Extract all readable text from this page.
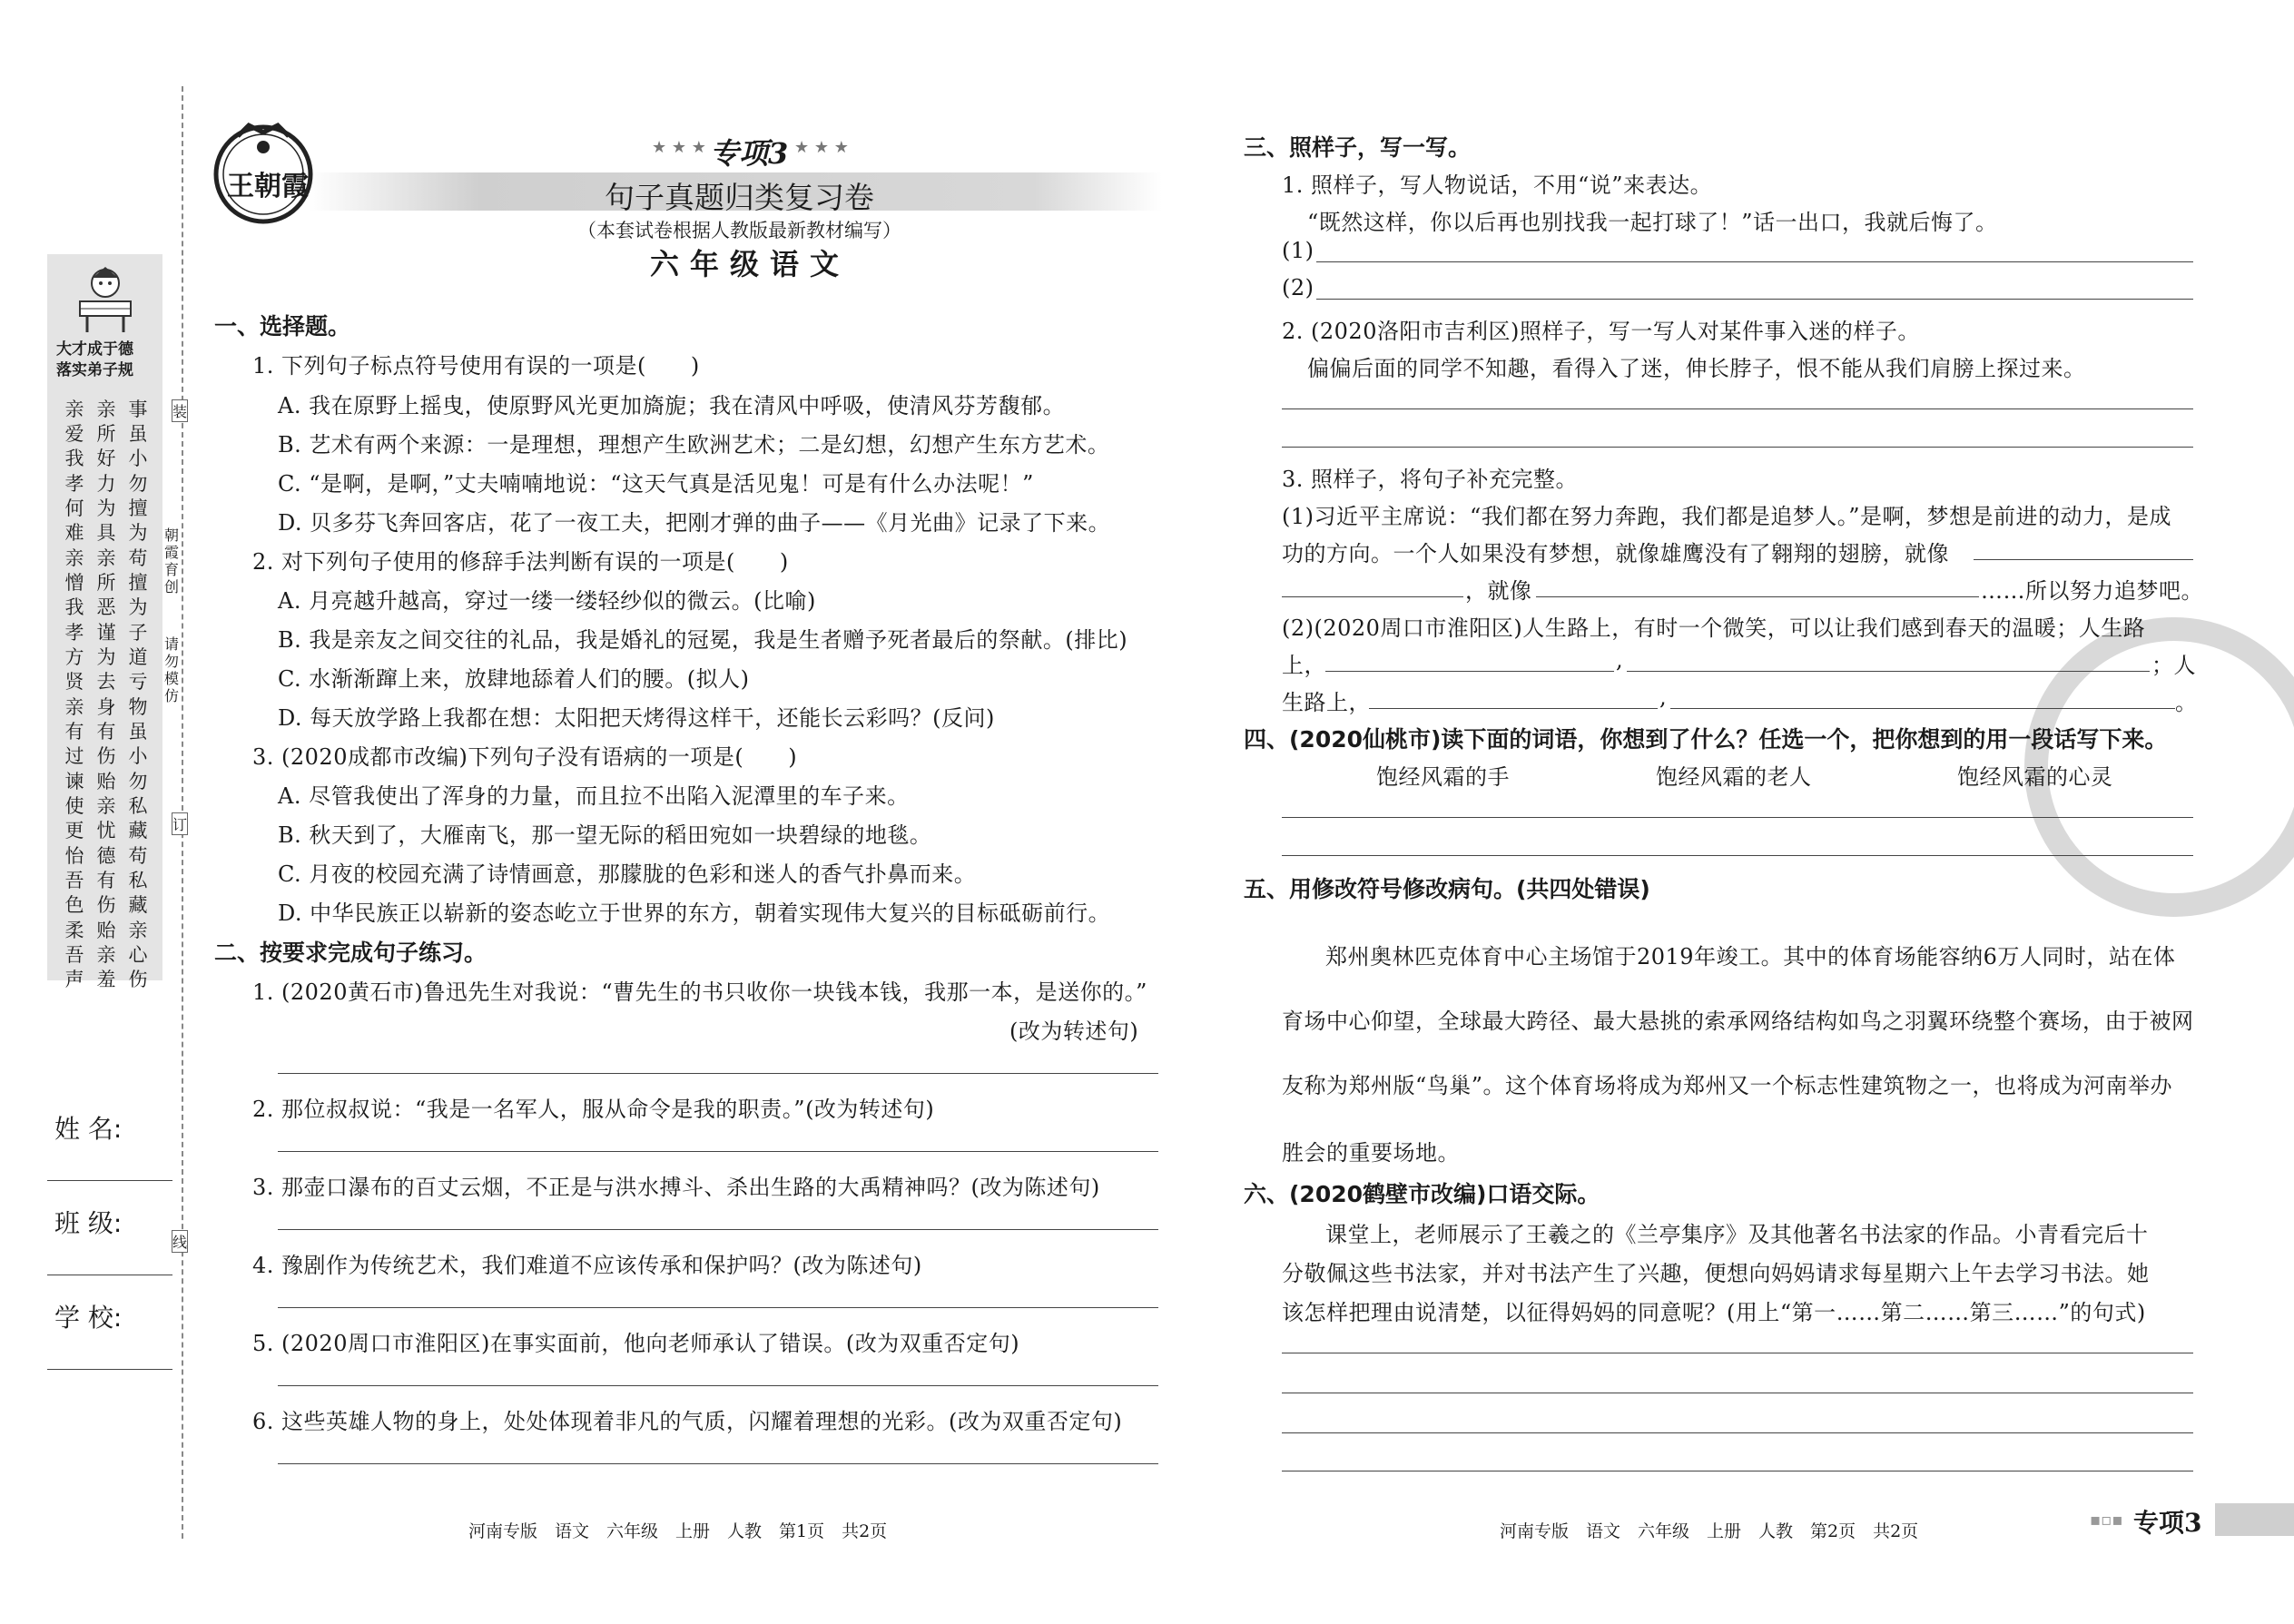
大才成于德
落实弟子规
事虽小
勿擅为
苟擅为
子道亏
物虽小
勿私藏
苟私藏
亲心伤
亲所好
力为具
亲所恶
谨为去
身有伤
贻亲忧
德有伤
贻亲羞
亲爱我
孝何难
亲憎我
孝方贤
亲有过
谏使更
怡吾色
柔吾声
朝霞育创
请勿模仿
装
订
线
姓 名:
班 级:
学 校:
王朝霞
★ ★ ★ 专项3 ★ ★ ★
句子真题归类复习卷
（本套试卷根据人教版最新教材编写）
六年级语文
一、选择题。
1. 下列句子标点符号使用有误的一项是(　　)
A. 我在原野上摇曳，使原野风光更加旖旎；我在清风中呼吸，使清风芬芳馥郁。
B. 艺术有两个来源：一是理想，理想产生欧洲艺术；二是幻想，幻想产生东方艺术。
C. “是啊，是啊，”丈夫喃喃地说：“这天气真是活见鬼！可是有什么办法呢！”
D. 贝多芬飞奔回客店，花了一夜工夫，把刚才弹的曲子——《月光曲》记录了下来。
2. 对下列句子使用的修辞手法判断有误的一项是(　　)
A. 月亮越升越高，穿过一缕一缕轻纱似的微云。(比喻)
B. 我是亲友之间交往的礼品，我是婚礼的冠冕，我是生者赠予死者最后的祭献。(排比)
C. 水渐渐蹿上来，放肆地舔着人们的腰。(拟人)
D. 每天放学路上我都在想：太阳把天烤得这样干，还能长云彩吗？(反问)
3. (2020成都市改编)下列句子没有语病的一项是(　　)
A. 尽管我使出了浑身的力量，而且拉不出陷入泥潭里的车子来。
B. 秋天到了，大雁南飞，那一望无际的稻田宛如一块碧绿的地毯。
C. 月夜的校园充满了诗情画意，那朦胧的色彩和迷人的香气扑鼻而来。
D. 中华民族正以崭新的姿态屹立于世界的东方，朝着实现伟大复兴的目标砥砺前行。
二、按要求完成句子练习。
1. (2020黄石市)鲁迅先生对我说：“曹先生的书只收你一块钱本钱，我那一本，是送你的。”
(改为转述句)
2. 那位叔叔说：“我是一名军人，服从命令是我的职责。”(改为转述句)
3. 那壶口瀑布的百丈云烟，不正是与洪水搏斗、杀出生路的大禹精神吗？(改为陈述句)
4. 豫剧作为传统艺术，我们难道不应该传承和保护吗？(改为陈述句)
5. (2020周口市淮阳区)在事实面前，他向老师承认了错误。(改为双重否定句)
6. 这些英雄人物的身上，处处体现着非凡的气质，闪耀着理想的光彩。(改为双重否定句)
河南专版　语文　六年级　上册　人教　第1页　共2页
三、照样子，写一写。
1. 照样子，写人物说话，不用“说”来表达。
“既然这样，你以后再也别找我一起打球了！”话一出口，我就后悔了。
(1)
(2)
2. (2020洛阳市吉利区)照样子，写一写人对某件事入迷的样子。
偏偏后面的同学不知趣，看得入了迷，伸长脖子，恨不能从我们肩膀上探过来。
3. 照样子，将句子补充完整。
(1)习近平主席说：“我们都在努力奔跑，我们都是追梦人。”是啊，梦想是前进的动力，是成
功的方向。一个人如果没有梦想，就像雄鹰没有了翱翔的翅膀，就像
，就像	……所以努力追梦吧。
(2)(2020周口市淮阳区)人生路上，有时一个微笑，可以让我们感到春天的温暖；人生路
上，	,	；人
生路上，	,	。
四、(2020仙桃市)读下面的词语，你想到了什么？任选一个，把你想到的用一段话写下来。
饱经风霜的手	饱经风霜的老人	饱经风霜的心灵
五、用修改符号修改病句。(共四处错误)
郑州奥林匹克体育中心主场馆于2019年竣工。其中的体育场能容纳6万人同时，站在体
育场中心仰望，全球最大跨径、最大悬挑的索承网络结构如鸟之羽翼环绕整个赛场，由于被网
友称为郑州版“鸟巢”。这个体育场将成为郑州又一个标志性建筑物之一，也将成为河南举办
胜会的重要场地。
六、(2020鹤壁市改编)口语交际。
课堂上，老师展示了王羲之的《兰亭集序》及其他著名书法家的作品。小青看完后十
分敬佩这些书法家，并对书法产生了兴趣，便想向妈妈请求每星期六上午去学习书法。她
该怎样把理由说清楚，以征得妈妈的同意呢？(用上“第一……第二……第三……”的句式)
河南专版　语文　六年级　上册　人教　第2页　共2页
▪▫▪ 专项3
